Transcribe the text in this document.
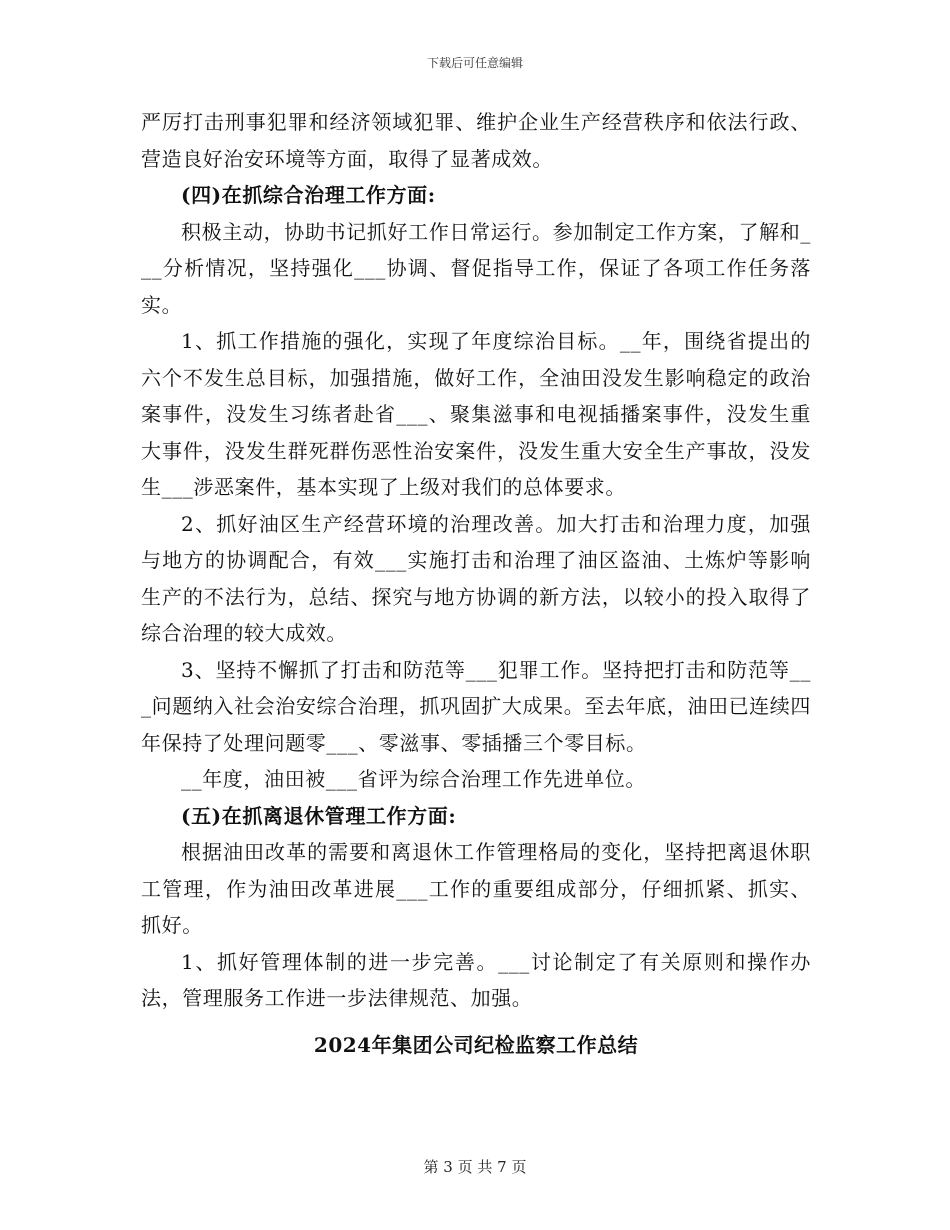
下载后可任意编辑

严厉打击刑事犯罪和经济领域犯罪、维护企业生产经营秩序和依法行政、营造良好治安环境等方面，取得了显著成效。

(四)在抓综合治理工作方面:

积极主动，协助书记抓好工作日常运行。参加制定工作方案，了解和___分析情况，坚持强化___协调、督促指导工作，保证了各项工作任务落实。

1、抓工作措施的强化，实现了年度综治目标。__年，围绕省提出的六个不发生总目标，加强措施，做好工作，全油田没发生影响稳定的政治案事件，没发生习练者赴省___、聚集滋事和电视插播案事件，没发生重大事件，没发生群死群伤恶性治安案件，没发生重大安全生产事故，没发生___涉恶案件，基本实现了上级对我们的总体要求。

2、抓好油区生产经营环境的治理改善。加大打击和治理力度，加强与地方的协调配合，有效___实施打击和治理了油区盗油、土炼炉等影响生产的不法行为，总结、探究与地方协调的新方法，以较小的投入取得了综合治理的较大成效。

3、坚持不懈抓了打击和防范等___犯罪工作。坚持把打击和防范等___问题纳入社会治安综合治理，抓巩固扩大成果。至去年底，油田已连续四年保持了处理问题零___、零滋事、零插播三个零目标。

__年度，油田被___省评为综合治理工作先进单位。

(五)在抓离退休管理工作方面:

根据油田改革的需要和离退休工作管理格局的变化，坚持把离退休职工管理，作为油田改革进展___工作的重要组成部分，仔细抓紧、抓实、抓好。

1、抓好管理体制的进一步完善。___讨论制定了有关原则和操作办法，管理服务工作进一步法律规范、加强。

2024年集团公司纪检监察工作总结
第 3 页 共 7 页
